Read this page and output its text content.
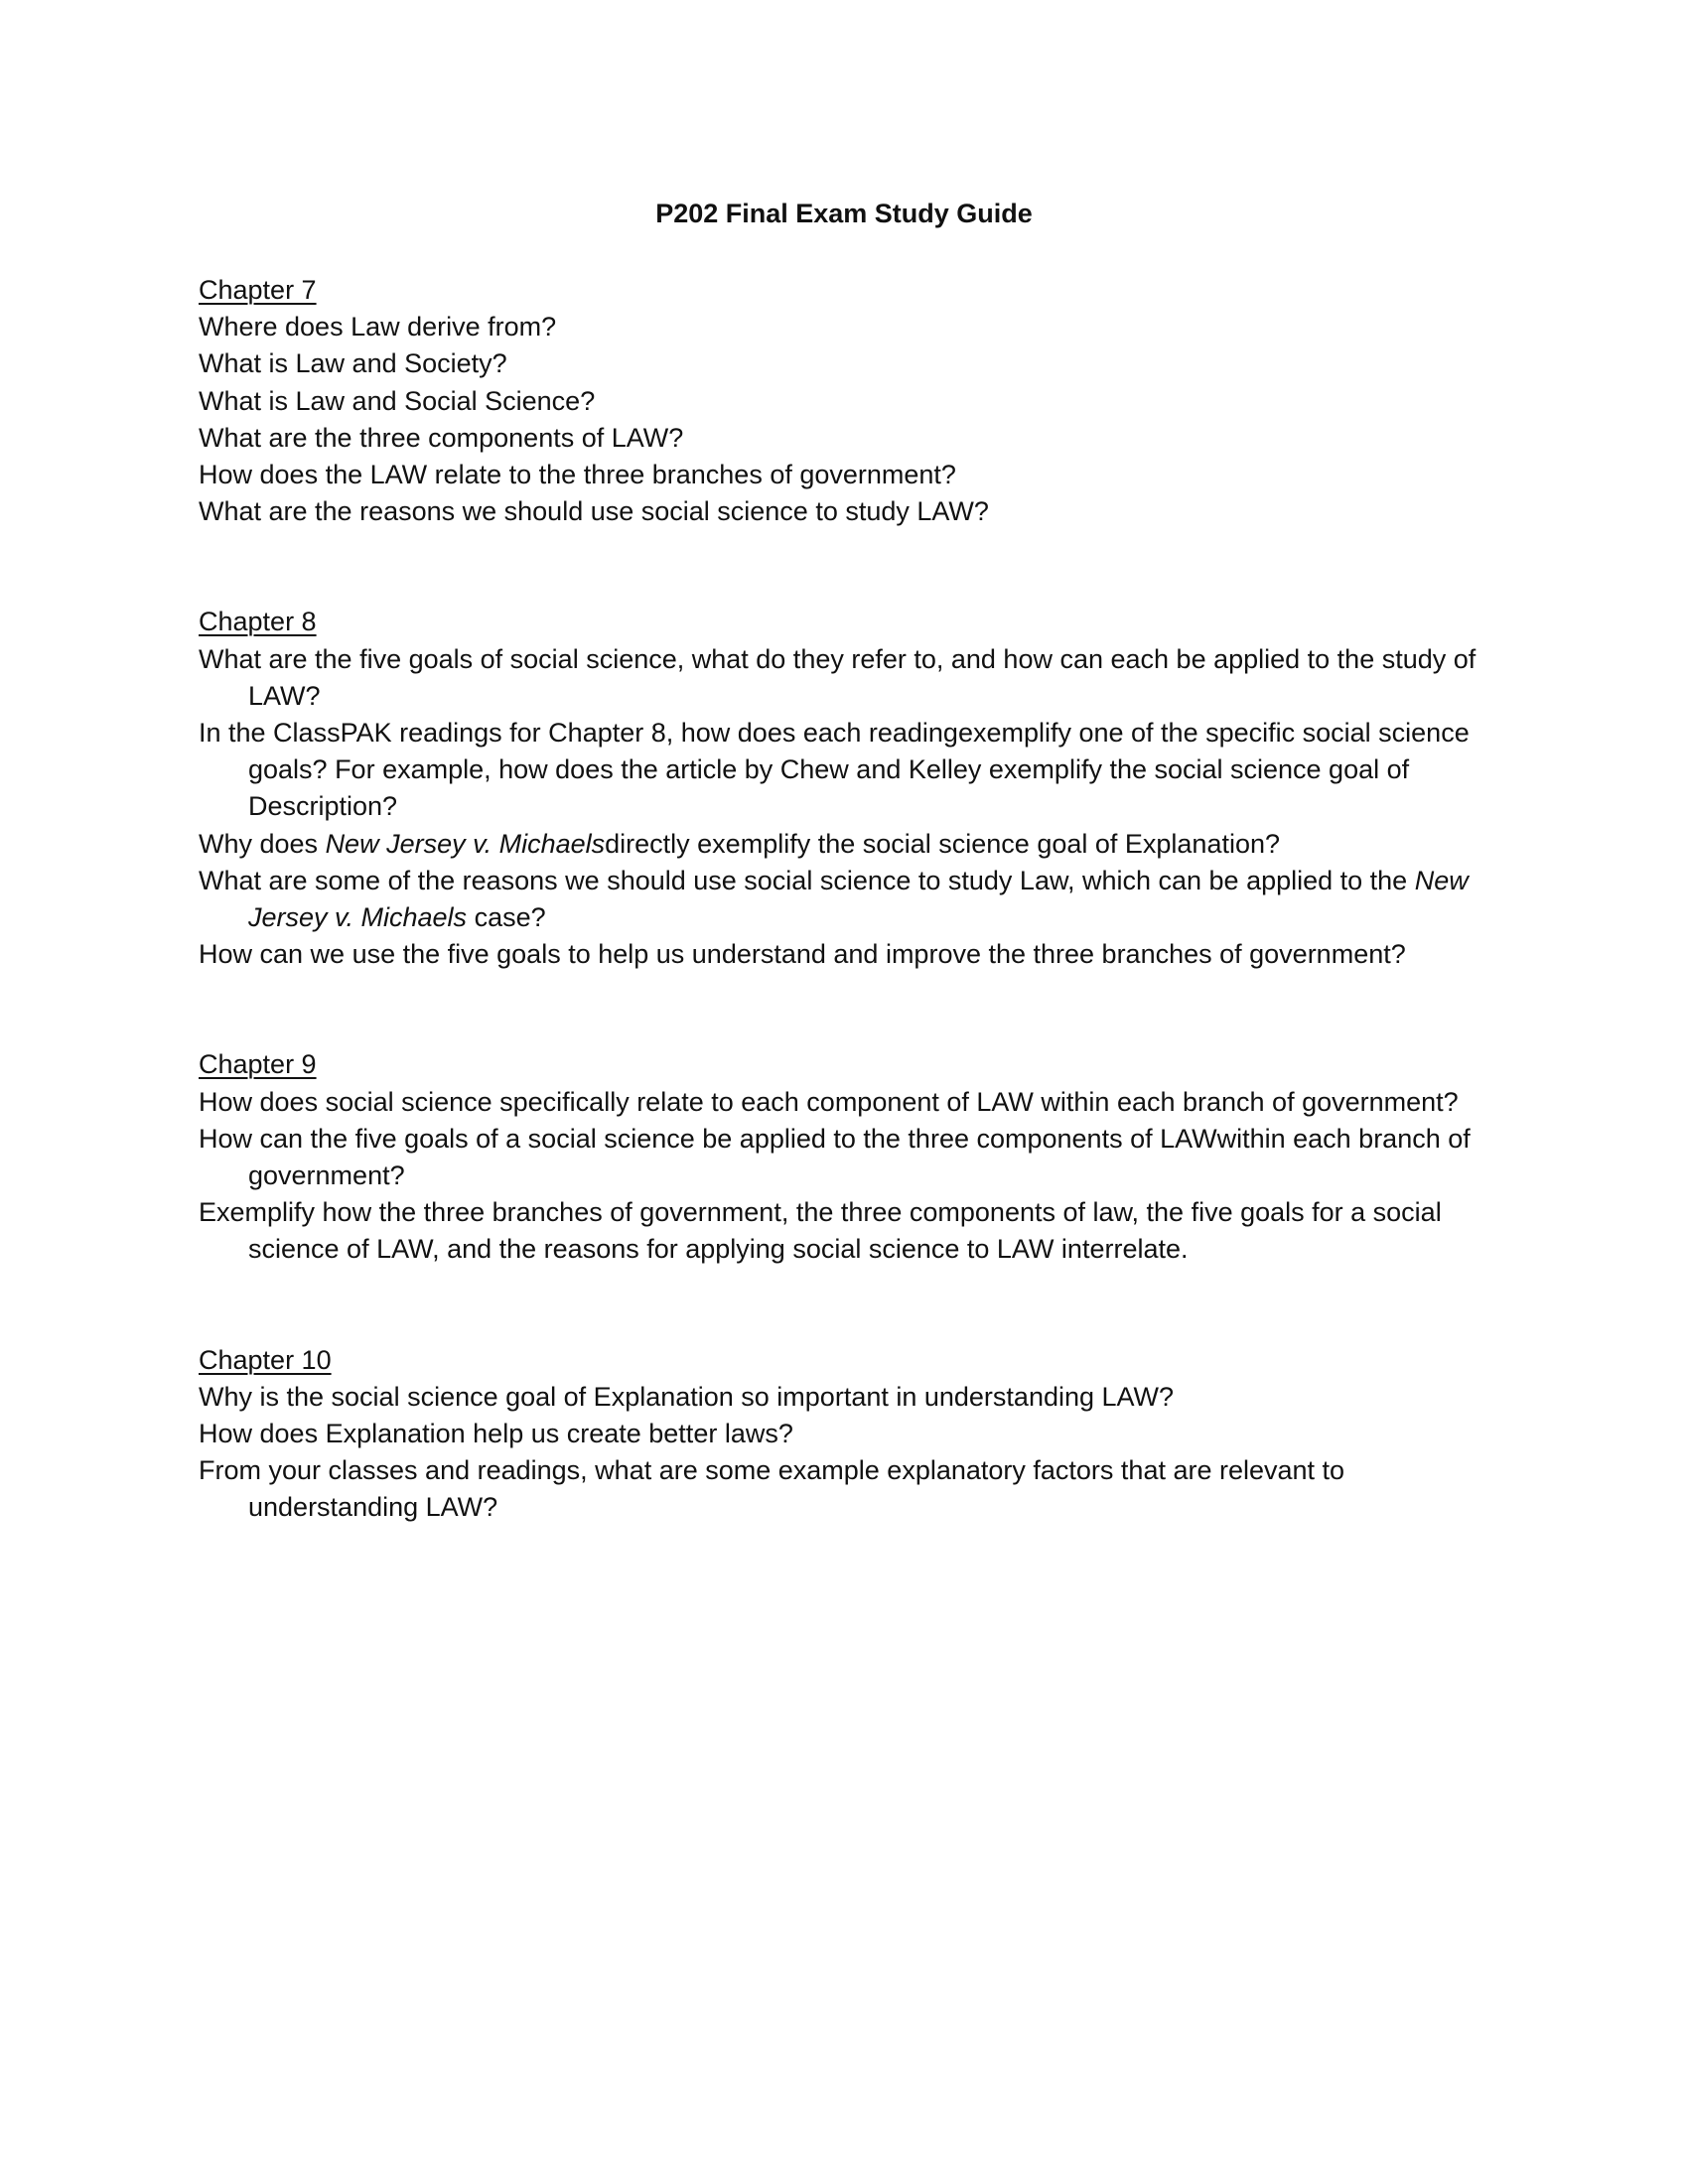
P202 Final Exam Study Guide
Chapter 7
Where does Law derive from?
What is Law and Society?
What is Law and Social Science?
What are the three components of LAW?
How does the LAW relate to the three branches of government?
What are the reasons we should use social science to study LAW?
Chapter 8
What are the five goals of social science, what do they refer to, and how can each be applied to the study of LAW?
In the ClassPAK readings for Chapter 8, how does each readingexemplify one of the specific social science goals? For example, how does the article by Chew and Kelley exemplify the social science goal of Description?
Why does New Jersey v. Michaelsdirectly exemplify the social science goal of Explanation?
What are some of the reasons we should use social science to study Law, which can be applied to the New Jersey v. Michaels case?
How can we use the five goals to help us understand and improve the three branches of government?
Chapter 9
How does social science specifically relate to each component of LAW within each branch of government?
How can the five goals of a social science be applied to the three components of LAWwithin each branch of government?
Exemplify how the three branches of government, the three components of law, the five goals for a social science of LAW, and the reasons for applying social science to LAW interrelate.
Chapter 10
Why is the social science goal of Explanation so important in understanding LAW?
How does Explanation help us create better laws?
From your classes and readings, what are some example explanatory factors that are relevant to understanding LAW?
